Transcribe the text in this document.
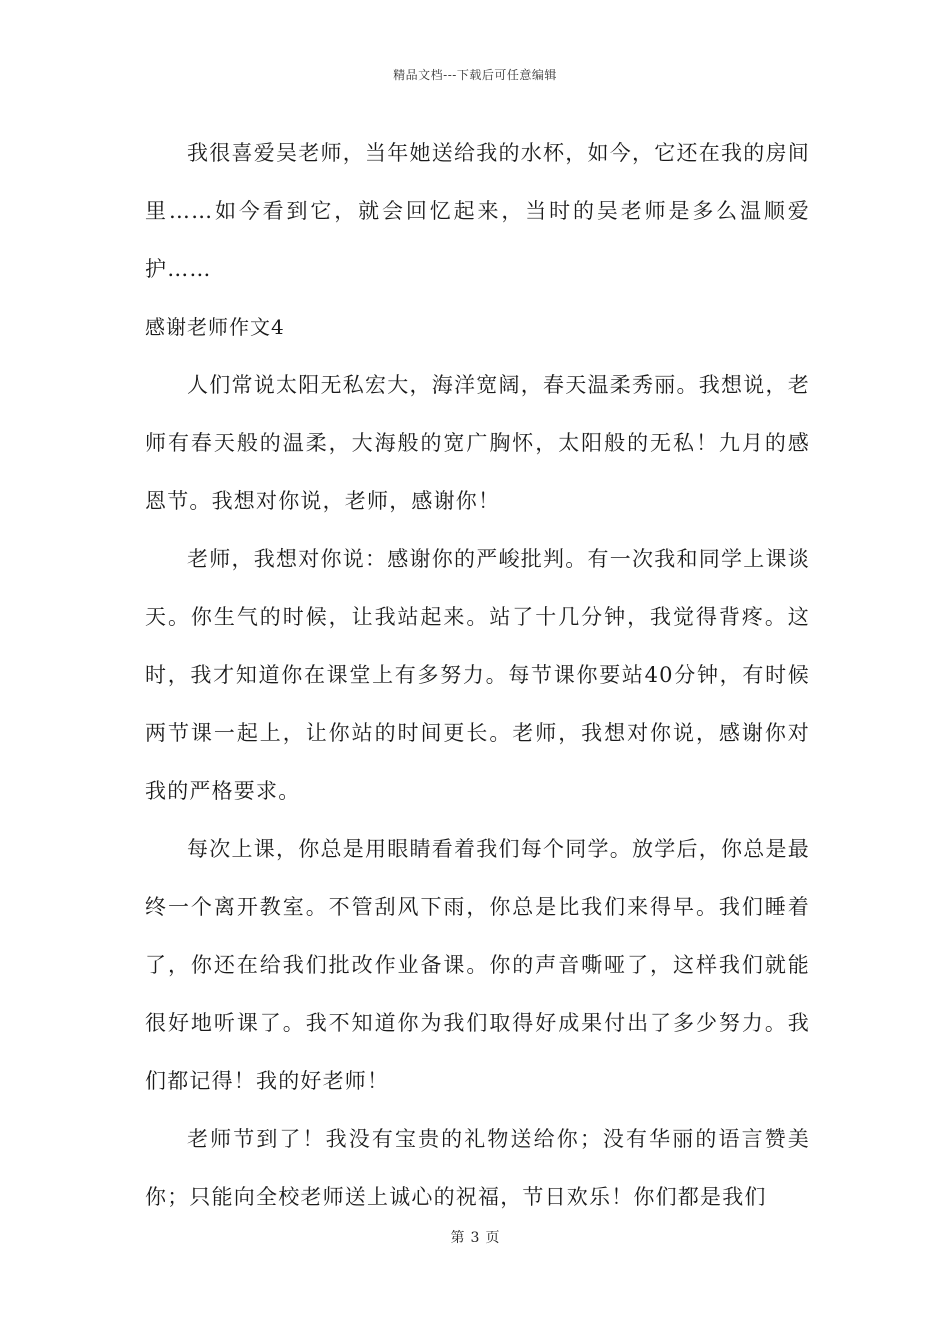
精品文档---下载后可任意编辑

我很喜爱吴老师，当年她送给我的水杯，如今，它还在我的房间里……如今看到它，就会回忆起来，当时的吴老师是多么温顺爱护……

感谢老师作文4

人们常说太阳无私宏大，海洋宽阔，春天温柔秀丽。我想说，老师有春天般的温柔，大海般的宽广胸怀，太阳般的无私！九月的感恩节。我想对你说，老师，感谢你！

老师，我想对你说：感谢你的严峻批判。有一次我和同学上课谈天。你生气的时候，让我站起来。站了十几分钟，我觉得背疼。这时，我才知道你在课堂上有多努力。每节课你要站40分钟，有时候两节课一起上，让你站的时间更长。老师，我想对你说，感谢你对我的严格要求。

每次上课，你总是用眼睛看着我们每个同学。放学后，你总是最终一个离开教室。不管刮风下雨，你总是比我们来得早。我们睡着了，你还在给我们批改作业备课。你的声音嘶哑了，这样我们就能很好地听课了。我不知道你为我们取得好成果付出了多少努力。我们都记得！我的好老师！

老师节到了！我没有宝贵的礼物送给你；没有华丽的语言赞美你；只能向全校老师送上诚心的祝福，节日欢乐！你们都是我们

第 3 页
